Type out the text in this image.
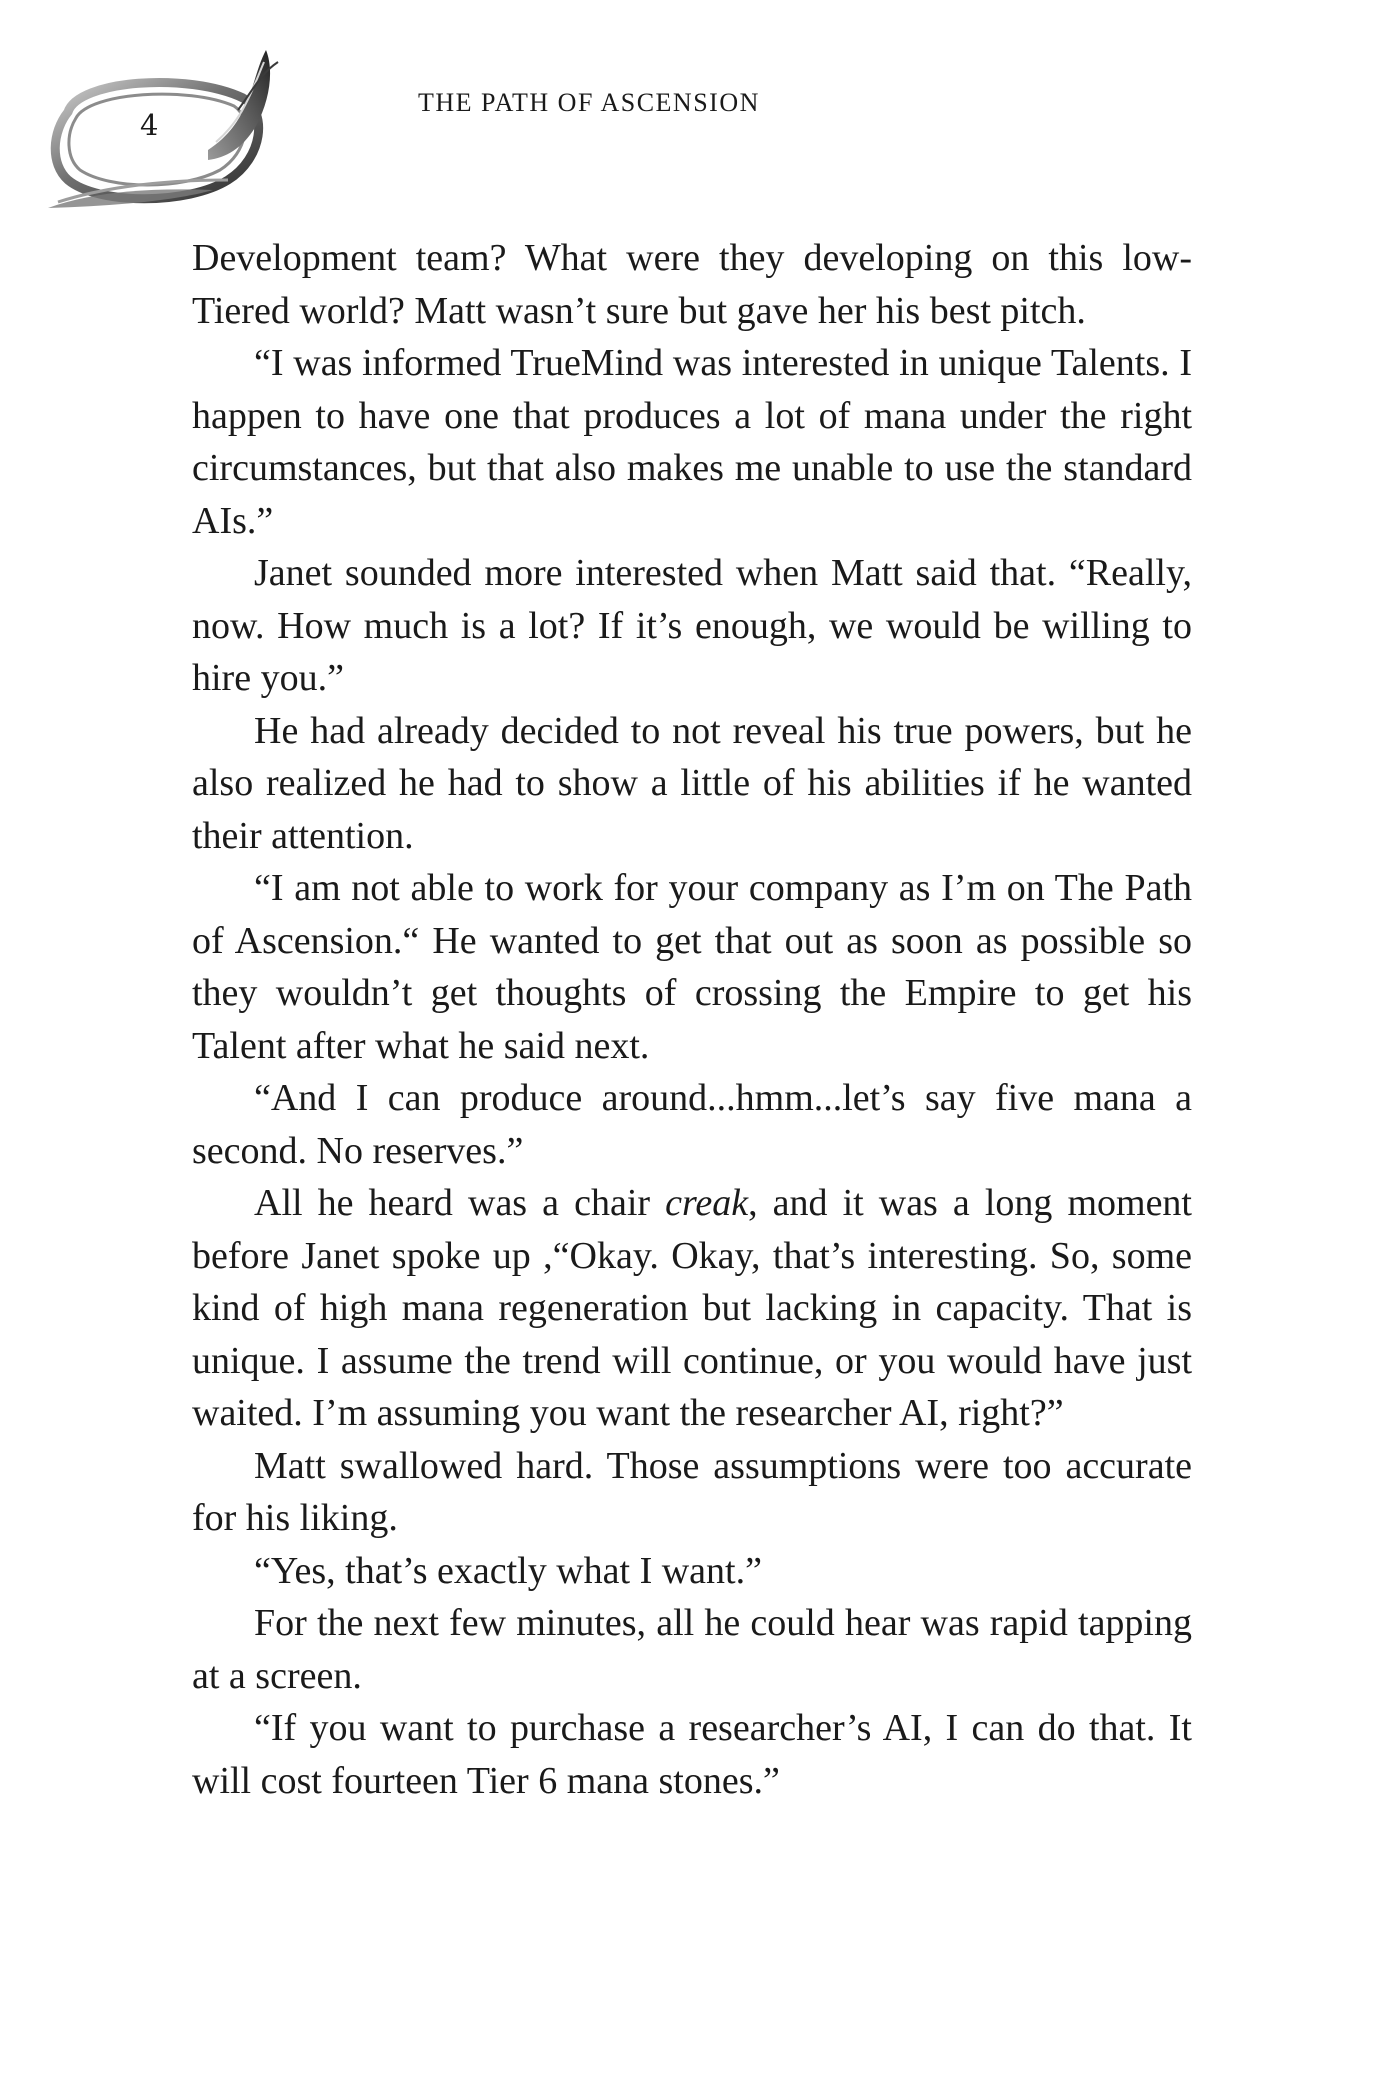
4
THE PATH OF ASCENSION

Development team? What were they developing on this low-Tiered world? Matt wasn’t sure but gave her his best pitch.

“I was informed TrueMind was interested in unique Talents. I happen to have one that produces a lot of mana under the right circumstances, but that also makes me unable to use the standard AIs.”

Janet sounded more interested when Matt said that. “Really, now. How much is a lot? If it’s enough, we would be willing to hire you.”

He had already decided to not reveal his true powers, but he also realized he had to show a little of his abilities if he wanted their attention.

“I am not able to work for your company as I’m on The Path of Ascension.“ He wanted to get that out as soon as possible so they wouldn’t get thoughts of crossing the Empire to get his Talent after what he said next.

“And I can produce around...hmm...let’s say five mana a second. No reserves.”

All he heard was a chair creak, and it was a long moment before Janet spoke up ,“Okay. Okay, that’s interesting. So, some kind of high mana regeneration but lacking in capacity. That is unique. I assume the trend will continue, or you would have just waited. I’m assuming you want the researcher AI, right?”

Matt swallowed hard. Those assumptions were too accurate for his liking.

“Yes, that’s exactly what I want.”

For the next few minutes, all he could hear was rapid tapping at a screen.

“If you want to purchase a researcher’s AI, I can do that. It will cost fourteen Tier 6 mana stones.”
